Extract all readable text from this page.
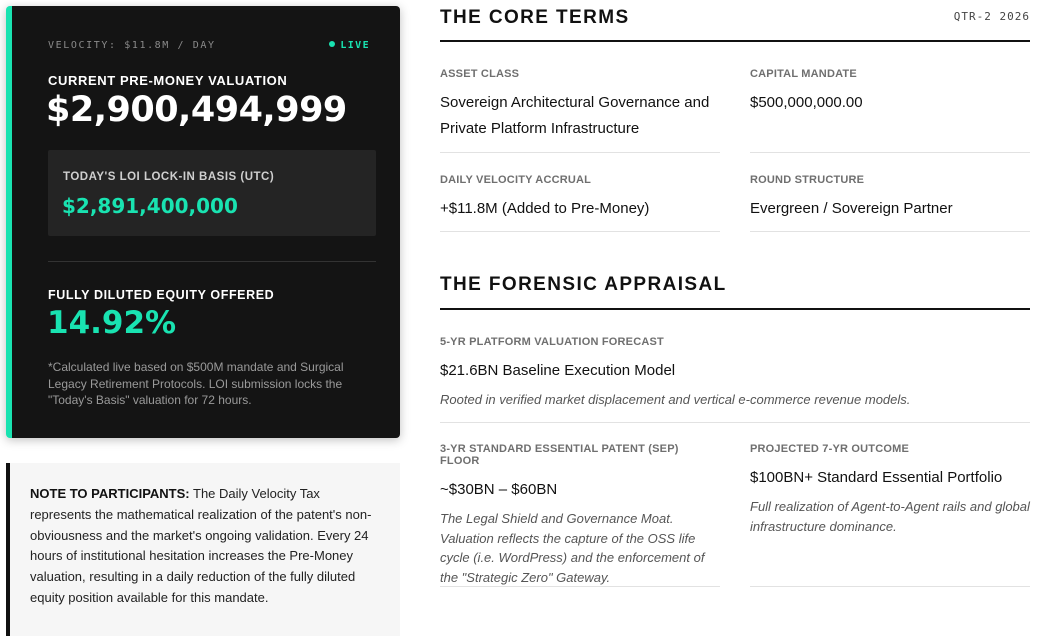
VELOCITY: $11.8M / DAY	LIVE
CURRENT PRE-MONEY VALUATION
$2,900,494,999
TODAY'S LOI LOCK-IN BASIS (UTC)
$2,891,400,000
FULLY DILUTED EQUITY OFFERED
14.92%
*Calculated live based on $500M mandate and Surgical Legacy Retirement Protocols. LOI submission locks the "Today's Basis" valuation for 72 hours.
NOTE TO PARTICIPANTS: The Daily Velocity Tax represents the mathematical realization of the patent's non-obviousness and the market's ongoing validation. Every 24 hours of institutional hesitation increases the Pre-Money valuation, resulting in a daily reduction of the fully diluted equity position available for this mandate.
THE CORE TERMS	QTR-2 2026
ASSET CLASS
Sovereign Architectural Governance and Private Platform Infrastructure
CAPITAL MANDATE
$500,000,000.00
DAILY VELOCITY ACCRUAL
+$11.8M (Added to Pre-Money)
ROUND STRUCTURE
Evergreen / Sovereign Partner
THE FORENSIC APPRAISAL
5-YR PLATFORM VALUATION FORECAST
$21.6BN Baseline Execution Model
Rooted in verified market displacement and vertical e-commerce revenue models.
3-YR STANDARD ESSENTIAL PATENT (SEP) FLOOR
~$30BN – $60BN
The Legal Shield and Governance Moat. Valuation reflects the capture of the OSS life cycle (i.e. WordPress) and the enforcement of the "Strategic Zero" Gateway.
PROJECTED 7-YR OUTCOME
$100BN+ Standard Essential Portfolio
Full realization of Agent-to-Agent rails and global infrastructure dominance.
